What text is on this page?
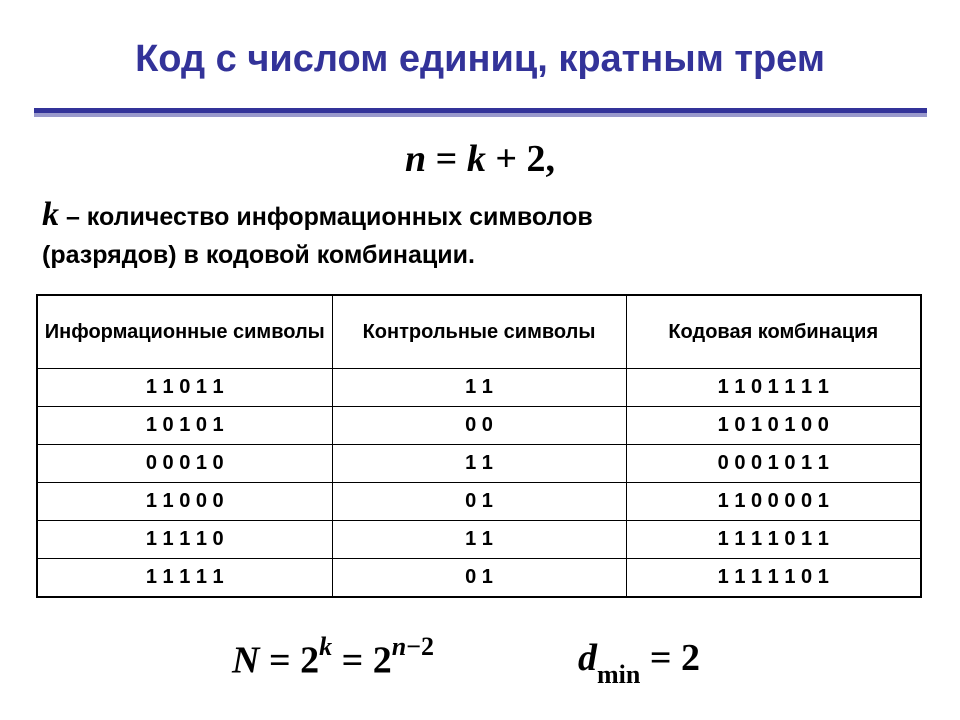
Код с числом единиц, кратным трем
n = k + 2,
k – количество информационных символов
(разрядов) в кодовой комбинации.
Информационные символы	Контрольные символы	Кодовая комбинация
1 1 0 1 1	1 1	1 1 0 1 1 1 1
1 0 1 0 1	0 0	1 0 1 0 1 0 0
0 0 0 1 0	1 1	0 0 0 1 0 1 1
1 1 0 0 0	0 1	1 1 0 0 0 0 1
1 1 1 1 0	1 1	1 1 1 1 0 1 1
1 1 1 1 1	0 1	1 1 1 1 1 0 1
$N = 2^k = 2^{n-2}$	$d_{min} = 2$
